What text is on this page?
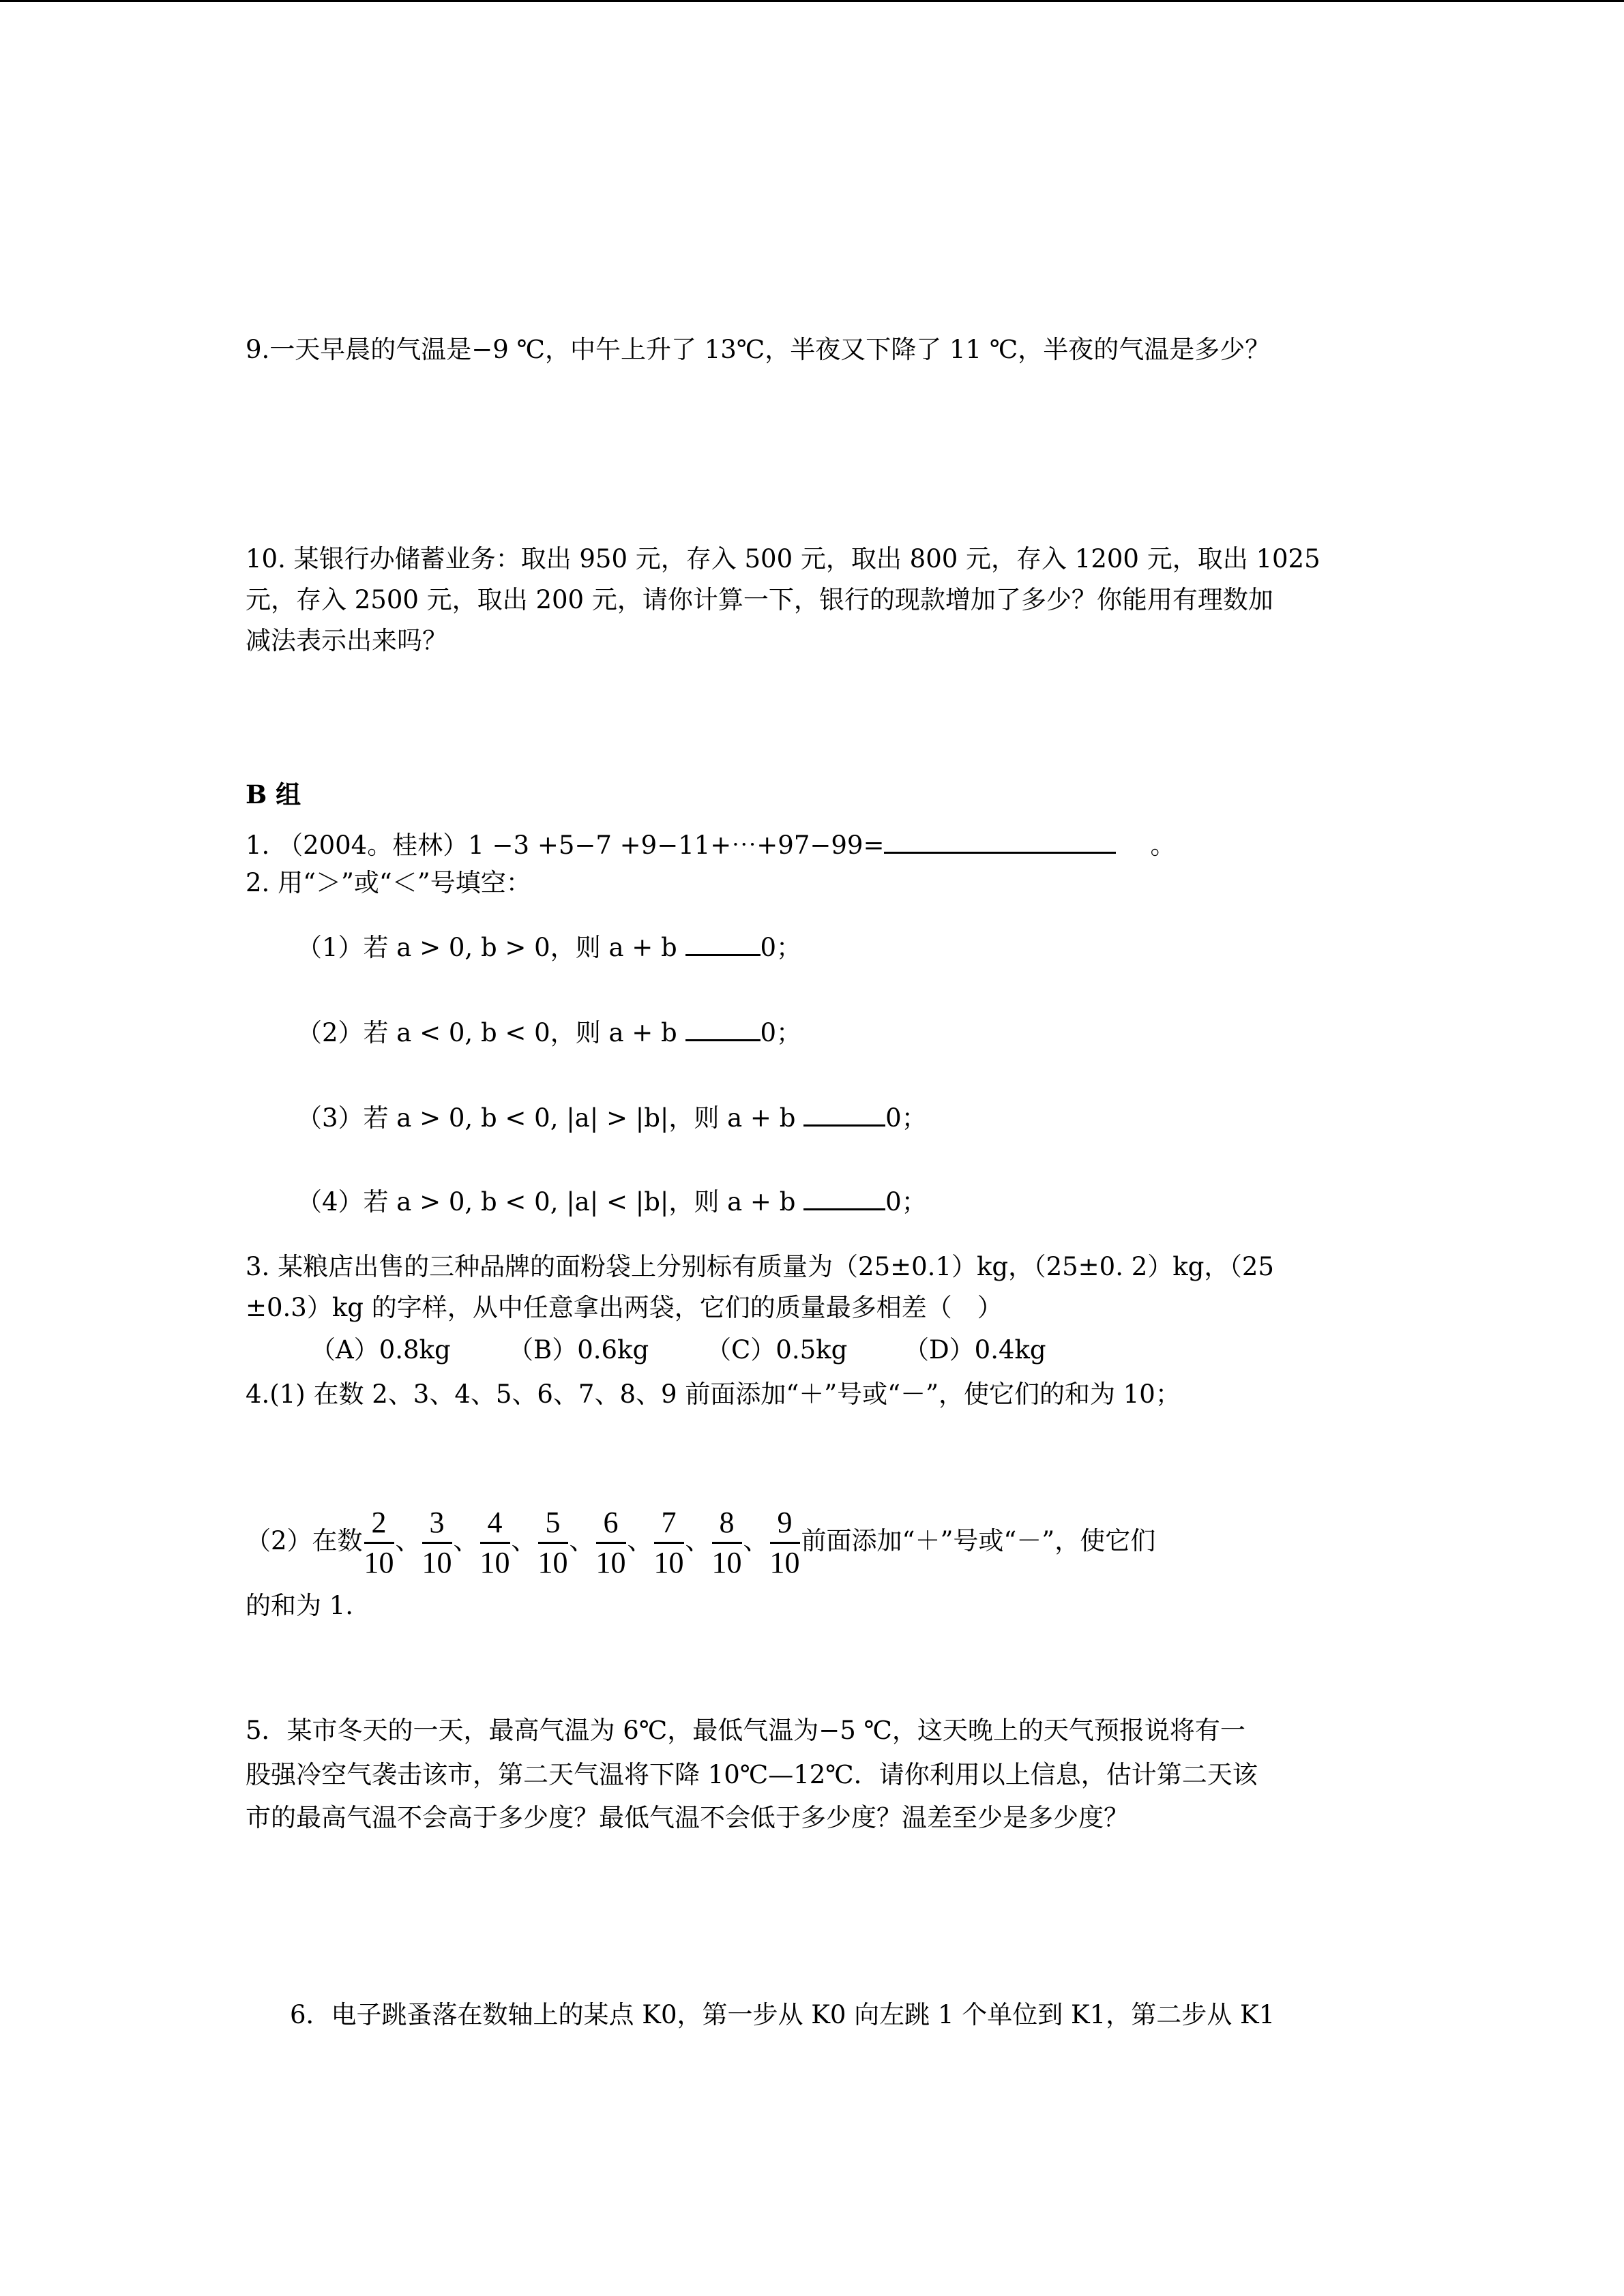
9.一天早晨的气温是−9 ℃，中午上升了 13℃，半夜又下降了 11 ℃，半夜的气温是多少？
10. 某银行办储蓄业务：取出 950 元，存入 500 元，取出 800 元，存入 1200 元，取出 1025
元，存入 2500 元，取出 200 元，请你计算一下，银行的现款增加了多少？你能用有理数加
减法表示出来吗？
B 组
1. （2004。桂林）1 −3 +5−7 +9−11+⋯+97−99=	。
2. 用“＞”或“＜”号填空：
（1）若 a > 0, b > 0，则 a + b	0；
（2）若 a < 0, b < 0，则 a + b	0；
（3）若 a > 0, b < 0, |a| > |b|，则 a + b	0；
（4）若 a > 0, b < 0, |a| < |b|，则 a + b	0；
3. 某粮店出售的三种品牌的面粉袋上分别标有质量为（25±0.1）kg，（25±0. 2）kg，（25
±0.3）kg 的字样，从中任意拿出两袋，它们的质量最多相差（　）
（A）0.8kg （B）0.6kg （C）0.5kg （D）0.4kg
4.(1) 在数 2、3、4、5、6、7、8、9 前面添加“＋”号或“－”，使它们的和为 10；
（2）在数 $\frac{2}{10}$ 、 $\frac{3}{10}$ 、 $\frac{4}{10}$ 、 $\frac{5}{10}$ 、 $\frac{6}{10}$ 、 $\frac{7}{10}$ 、 $\frac{8}{10}$ 、 $\frac{9}{10}$ 前面添加“＋”号或“－”，使它们
的和为 1.
5．某市冬天的一天，最高气温为 6℃，最低气温为−5 ℃，这天晚上的天气预报说将有一
股强冷空气袭击该市，第二天气温将下降 10℃—12℃．请你利用以上信息，估计第二天该
市的最高气温不会高于多少度？最低气温不会低于多少度？温差至少是多少度？
6．电子跳蚤落在数轴上的某点 K0，第一步从 K0 向左跳 1 个单位到 K1，第二步从 K1
